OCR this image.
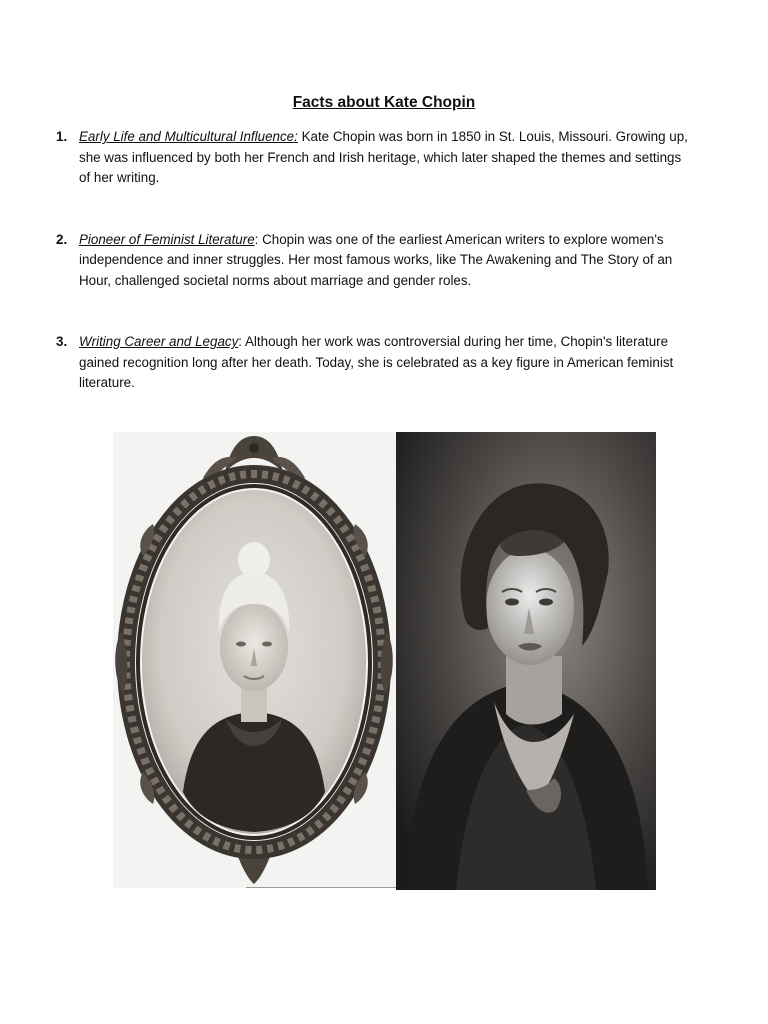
Facts about Kate Chopin
1. Early Life and Multicultural Influence: Kate Chopin was born in 1850 in St. Louis, Missouri. Growing up, she was influenced by both her French and Irish heritage, which later shaped the themes and settings of her writing.
2. Pioneer of Feminist Literature: Chopin was one of the earliest American writers to explore women's independence and inner struggles. Her most famous works, like The Awakening and The Story of an Hour, challenged societal norms about marriage and gender roles.
3. Writing Career and Legacy: Although her work was controversial during her time, Chopin's literature gained recognition long after her death. Today, she is celebrated as a key figure in American feminist literature.
